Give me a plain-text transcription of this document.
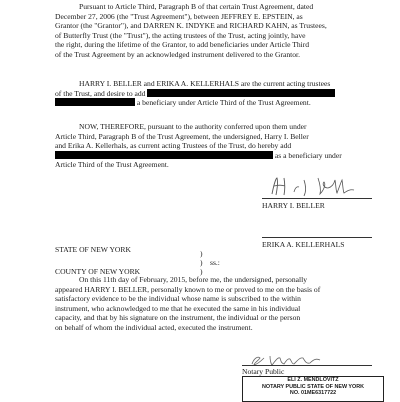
Pursuant to Article Third, Paragraph B of that certain Trust Agreement, dated
December 27, 2006 (the "Trust Agreement"), between JEFFREY E. EPSTEIN, as
Grantor (the "Grantor"), and DARREN K. INDYKE and RICHARD KAHN, as Trustees,
of Butterfly Trust (the "Trust"), the acting trustees of the Trust, acting jointly, have
the right, during the lifetime of the Grantor, to add beneficiaries under Article Third
of the Trust Agreement by an acknowledged instrument delivered to the Grantor.
HARRY I. BELLER and ERIKA A. KELLERHALS are the current acting trustees
of the Trust, and desire to add
a beneficiary under Article Third of the Trust Agreement.
NOW, THEREFORE, pursuant to the authority conferred upon them under
Article Third, Paragraph B of the Trust Agreement, the undersigned, Harry I. Beller
and Erika A. Kellerhals, as current acting Trustees of the Trust, do hereby add
as a beneficiary under
Article Third of the Trust Agreement.
HARRY I. BELLER
ERIKA A. KELLERHALS
STATE OF NEW YORK	)
) ss.:
)
COUNTY OF NEW YORK
On this 11th day of February, 2015, before me, the undersigned, personally
appeared HARRY I. BELLER, personally known to me or proved to me on the basis of
satisfactory evidence to be the individual whose name is subscribed to the within
instrument, who acknowledged to me that he executed the same in his individual
capacity, and that by his signature on the instrument, the individual or the person
on behalf of whom the individual acted, executed the instrument.
Notary Public
ELI Z. MENDLOVITZ
NOTARY PUBLIC STATE OF NEW YORK
NO. 01ME6317722
